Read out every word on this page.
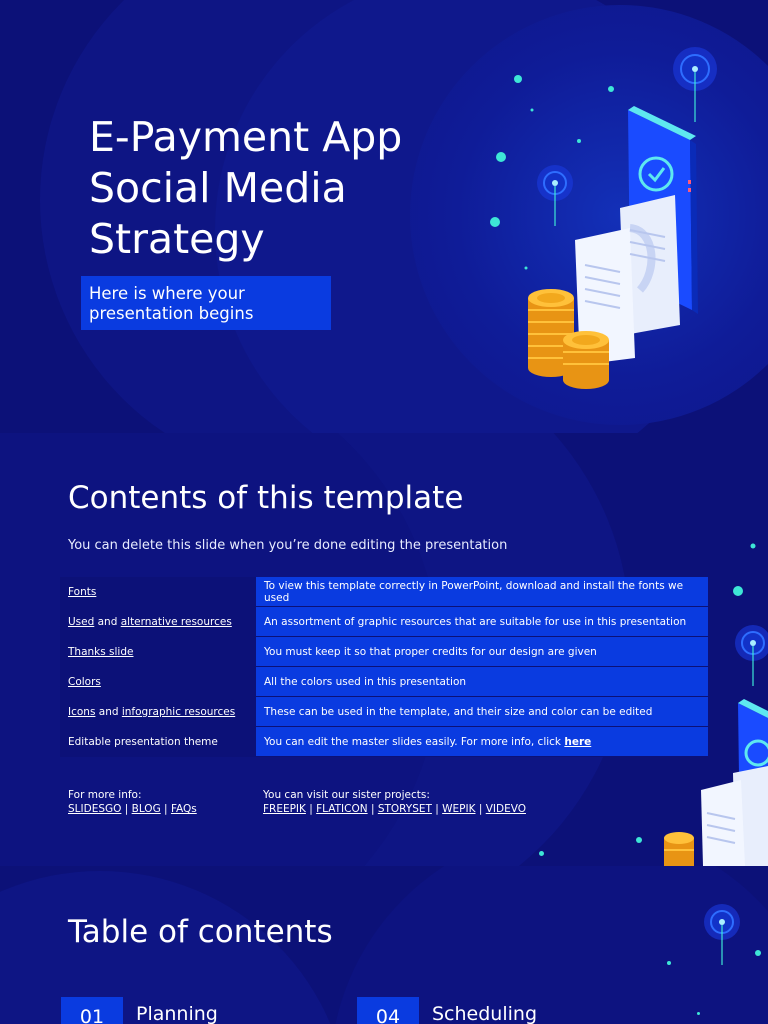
E-Payment App
Social Media
Strategy
Here is where your presentation begins
Contents of this template

You can delete this slide when you’re done editing the presentation

Fonts	To view this template correctly in PowerPoint, download and install the fonts we used
Used and alternative resources	An assortment of graphic resources that are suitable for use in this presentation
Thanks slide	You must keep it so that proper credits for our design are given
Colors	All the colors used in this presentation
Icons and infographic resources	These can be used in the template, and their size and color can be edited
Editable presentation theme	You can edit the master slides easily. For more info, click here
For more info:
SLIDESGO | BLOG | FAQs
You can visit our sister projects:
FREEPIK | FLATICON | STORYSET | WEPIK | VIDEVO
Table of contents
01	Planning	04	Scheduling
